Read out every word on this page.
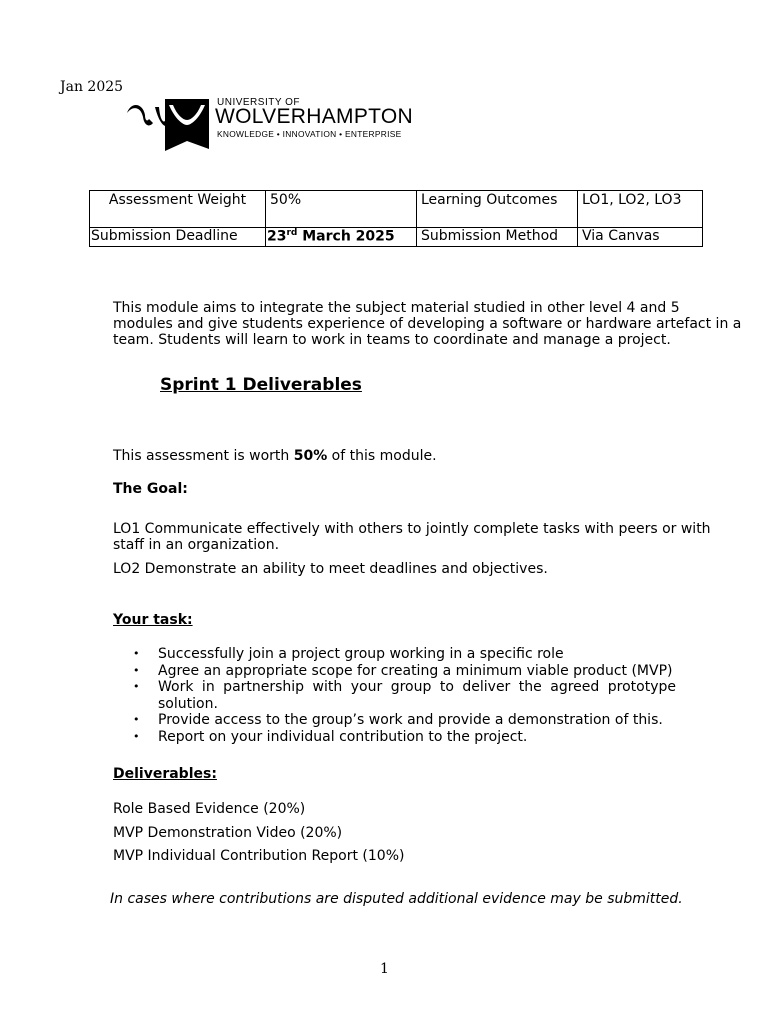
Jan 2025
UNIVERSITY OF
WOLVERHAMPTON
KNOWLEDGE • INNOVATION • ENTERPRISE
Assessment Weight	50%	Learning Outcomes	LO1, LO2, LO3
Submission Deadline	23rd March 2025	Submission Method	Via Canvas
This module aims to integrate the subject material studied in other level 4 and 5 modules and give students experience of developing a software or hardware artefact in a team. Students will learn to work in teams to coordinate and manage a project.
Sprint 1 Deliverables
This assessment is worth 50% of this module.
The Goal:
LO1 Communicate effectively with others to jointly complete tasks with peers or with staff in an organization.
LO2 Demonstrate an ability to meet deadlines and objectives.
Your task:
• Successfully join a project group working in a specific role
• Agree an appropriate scope for creating a minimum viable product (MVP)
• Work in partnership with your group to deliver the agreed prototype solution.
• Provide access to the group’s work and provide a demonstration of this.
• Report on your individual contribution to the project.
Deliverables:
Role Based Evidence (20%)
MVP Demonstration Video (20%)
MVP Individual Contribution Report (10%)
In cases where contributions are disputed additional evidence may be submitted.
1
